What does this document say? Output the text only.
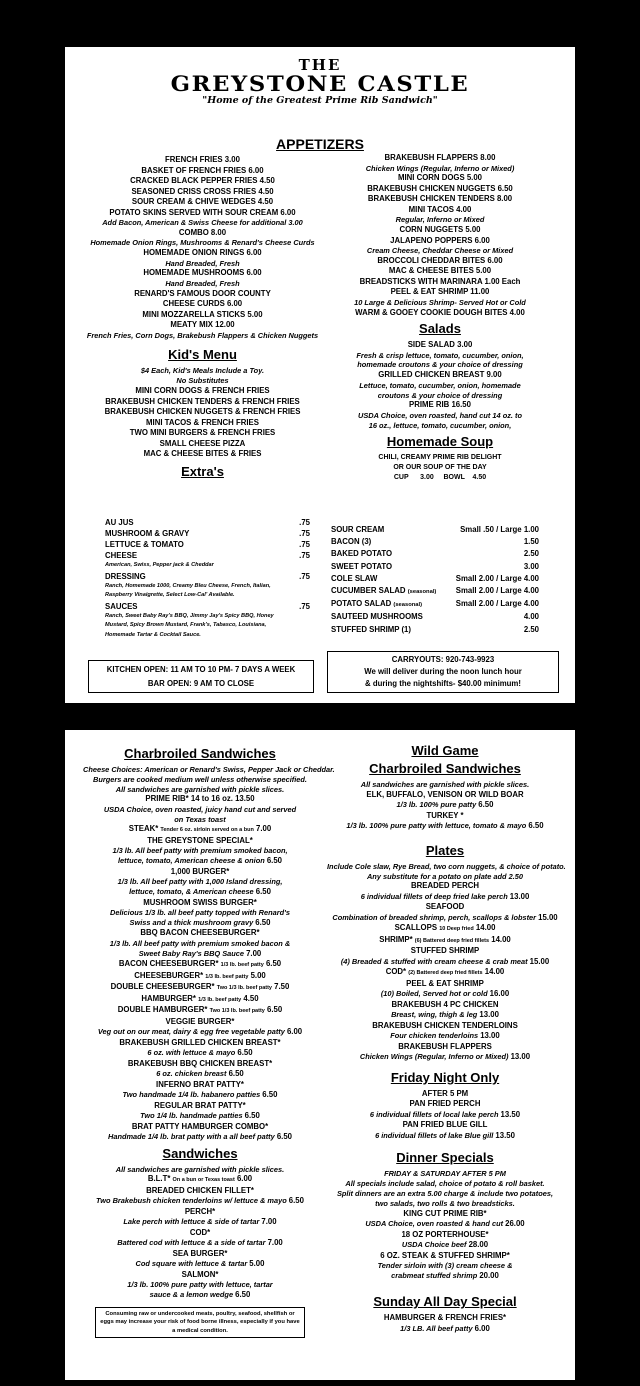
THE
GREYSTONE CASTLE
"Home of the Greatest Prime Rib Sandwich"
APPETIZERS
FRENCH FRIES 3.00
BASKET OF FRENCH FRIES 6.00
CRACKED BLACK PEPPER FRIES 4.50
SEASONED CRISS CROSS FRIES 4.50
SOUR CREAM & CHIVE WEDGES 4.50
POTATO SKINS SERVED WITH SOUR CREAM 6.00
Add Bacon, American & Swiss Cheese for additional 3.00
COMBO 8.00
Homemade Onion Rings, Mushrooms & Renard's Cheese Curds
HOMEMADE ONION RINGS 6.00
Hand Breaded, Fresh
HOMEMADE MUSHROOMS 6.00
Hand Breaded, Fresh
RENARD'S FAMOUS DOOR COUNTY
CHEESE CURDS 6.00
MINI MOZZARELLA STICKS 5.00
MEATY MIX 12.00
French Fries, Corn Dogs, Brakebush Flappers & Chicken Nuggets
Kid's Menu
$4 Each, Kid's Meals Include a Toy.
No Substitutes
MINI CORN DOGS & FRENCH FRIES
BRAKEBUSH CHICKEN TENDERS & FRENCH FRIES
BRAKEBUSH CHICKEN NUGGETS & FRENCH FRIES
MINI TACOS & FRENCH FRIES
TWO MINI BURGERS & FRENCH FRIES
SMALL CHEESE PIZZA
MAC & CHEESE BITES & FRIES
Extra's
BRAKEBUSH FLAPPERS 8.00
Chicken Wings (Regular, Inferno or Mixed)
MINI CORN DOGS 5.00
BRAKEBUSH CHICKEN NUGGETS 6.50
BRAKEBUSH CHICKEN TENDERS 8.00
MINI TACOS 4.00
Regular, Inferno or Mixed
CORN NUGGETS 5.00
JALAPENO POPPERS 6.00
Cream Cheese, Cheddar Cheese or Mixed
BROCCOLI CHEDDAR BITES 6.00
MAC & CHEESE BITES 5.00
BREADSTICKS WITH MARINARA 1.00 Each
PEEL & EAT SHRIMP 11.00
10 Large & Delicious Shrimp- Served Hot or Cold
WARM & GOOEY COOKIE DOUGH BITES 4.00
Salads
SIDE SALAD 3.00
Fresh & crisp lettuce, tomato, cucumber, onion,
homemade croutons & your choice of dressing
GRILLED CHICKEN BREAST 9.00
Lettuce, tomato, cucumber, onion, homemade
croutons & your choice of dressing
PRIME RIB 16.50
USDA Choice, oven roasted, hand cut 14 oz. to
16 oz., lettuce, tomato, cucumber, onion,
Homemade Soup
CHILI, CREAMY PRIME RIB DELIGHT
OR OUR SOUP OF THE DAY
CUP      3.00     BOWL    4.50
AU JUS	.75
MUSHROOM & GRAVY	.75
LETTUCE & TOMATO	.75
CHEESE	.75
American, Swiss, Pepper jack & Cheddar
DRESSING	.75
Ranch, Homemade 1000, Creamy Bleu Cheese, French, Italian, Raspberry Vinaigrette, Select Low-Cal' Available.
SAUCES	.75
Ranch, Sweet Baby Ray's BBQ, Jimmy Jay's Spicy BBQ, Honey Mustard, Spicy Brown Mustard, Frank's, Tabasco, Louisiana, Homemade Tartar & Cocktail Sauce.
SOUR CREAM	Small .50 / Large 1.00
BACON (3)	1.50
BAKED POTATO	2.50
SWEET POTATO	3.00
COLE SLAW	Small 2.00 / Large 4.00
CUCUMBER SALAD (seasonal) Small 2.00 / Large 4.00
POTATO SALAD (seasonal)	Small 2.00 / Large 4.00
SAUTEED MUSHROOMS	4.00
STUFFED SHRIMP (1)	2.50
KITCHEN OPEN: 11 AM TO 10 PM- 7 DAYS A WEEK
BAR OPEN: 9 AM TO CLOSE
CARRYOUTS: 920-743-9923
We will deliver during the noon lunch hour
& during the nightshifts- $40.00 minimum!
Charbroiled Sandwiches
Cheese Choices: American or Renard's Swiss, Pepper Jack or Cheddar.
Burgers are cooked medium well unless otherwise specified.
All sandwiches are garnished with pickle slices.
PRIME RIB* 14 to 16 oz. 13.50
USDA Choice, oven roasted, juicy hand cut and served
on Texas toast
STEAK* Tender 6 oz. sirloin served on a bun 7.00
THE GREYSTONE SPECIAL*
1/3 lb. All beef patty with premium smoked bacon,
lettuce, tomato, American cheese & onion 6.50
1,000 BURGER*
1/3 lb. All beef patty with 1,000 Island dressing,
lettuce, tomato, & American cheese 6.50
MUSHROOM SWISS BURGER*
Delicious 1/3 lb. all beef patty topped with Renard's
Swiss and a thick mushroom gravy 6.50
BBQ BACON CHEESEBURGER*
1/3 lb. All beef patty with premium smoked bacon &
Sweet Baby Ray's BBQ Sauce 7.00
BACON CHEESEBURGER* 1/3 lb. beef patty 6.50
CHEESEBURGER* 1/3 lb. beef patty 5.00
DOUBLE CHEESEBURGER* Two 1/3 lb. beef patty 7.50
HAMBURGER* 1/3 lb. beef patty 4.50
DOUBLE HAMBURGER* Two 1/3 lb. beef patty 6.50
VEGGIE BURGER*
Veg out on our meat, dairy & egg free vegetable patty 6.00
BRAKEBUSH GRILLED CHICKEN BREAST*
6 oz. with lettuce & mayo 6.50
BRAKEBUSH BBQ CHICKEN BREAST*
6 oz. chicken breast 6.50
INFERNO BRAT PATTY*
Two handmade 1/4 lb. habanero patties 6.50
REGULAR BRAT PATTY*
Two 1/4 lb. handmade patties 6.50
BRAT PATTY HAMBURGER COMBO*
Handmade 1/4 lb. brat patty with a all beef patty 6.50
Sandwiches
All sandwiches are garnished with pickle slices.
B.L.T* On a bun or Texas toast 6.00
BREADED CHICKEN FILLET*
Two Brakebush chicken tenderloins w/ lettuce & mayo 6.50
PERCH*
Lake perch with lettuce & side of tartar 7.00
COD*
Battered cod with lettuce & a side of tartar 7.00
SEA BURGER*
Cod square with lettuce & tartar 5.00
SALMON*
1/3 lb. 100% pure patty with lettuce, tartar
sauce & a lemon wedge 6.50
Consuming raw or undercooked meats, poultry, seafood, shellfish or eggs may increase your risk of food borne illness, especially if you have a medical condition.
Wild Game
Charbroiled Sandwiches
All sandwiches are garnished with pickle slices.
ELK, BUFFALO, VENISON OR WILD BOAR
1/3 lb. 100% pure patty 6.50
TURKEY *
1/3 lb. 100% pure patty with lettuce, tomato & mayo 6.50
Plates
Include Cole slaw, Rye Bread, two corn nuggets, & choice of potato.
Any substitute for a potato on plate add 2.50
BREADED PERCH
6 individual fillets of deep fried lake perch 13.00
SEAFOOD
Combination of breaded shrimp, perch, scallops & lobster 15.00
SCALLOPS 10 Deep fried 14.00
SHRIMP* (6) Battered deep fried fillets 14.00
STUFFED SHRIMP
(4) Breaded & stuffed with cream cheese & crab meat 15.00
COD* (2) Battered deep fried fillets 14.00
PEEL & EAT SHRIMP
(10) Boiled, Served hot or cold 16.00
BRAKEBUSH 4 PC CHICKEN
Breast, wing, thigh & leg 13.00
BRAKEBUSH CHICKEN TENDERLOINS
Four chicken tenderloins 13.00
BRAKEBUSH FLAPPERS
Chicken Wings (Regular, Inferno or Mixed) 13.00
Friday Night Only
AFTER 5 PM
PAN FRIED PERCH
6 individual fillets of local lake perch 13.50
PAN FRIED BLUE GILL
6 individual fillets of lake Blue gill 13.50
Dinner Specials
FRIDAY & SATURDAY AFTER 5 PM
All specials include salad, choice of potato & roll basket.
Split dinners are an extra 5.00 charge & include two potatoes,
two salads, two rolls & two breadsticks.
KING CUT PRIME RIB*
USDA Choice, oven roasted & hand cut 26.00
18 OZ PORTERHOUSE*
USDA Choice beef 28.00
6 OZ. STEAK & STUFFED SHRIMP*
Tender sirloin with (3) cream cheese &
crabmeat stuffed shrimp 20.00
Sunday All Day Special
HAMBURGER & FRENCH FRIES*
1/3 LB. All beef patty 6.00
